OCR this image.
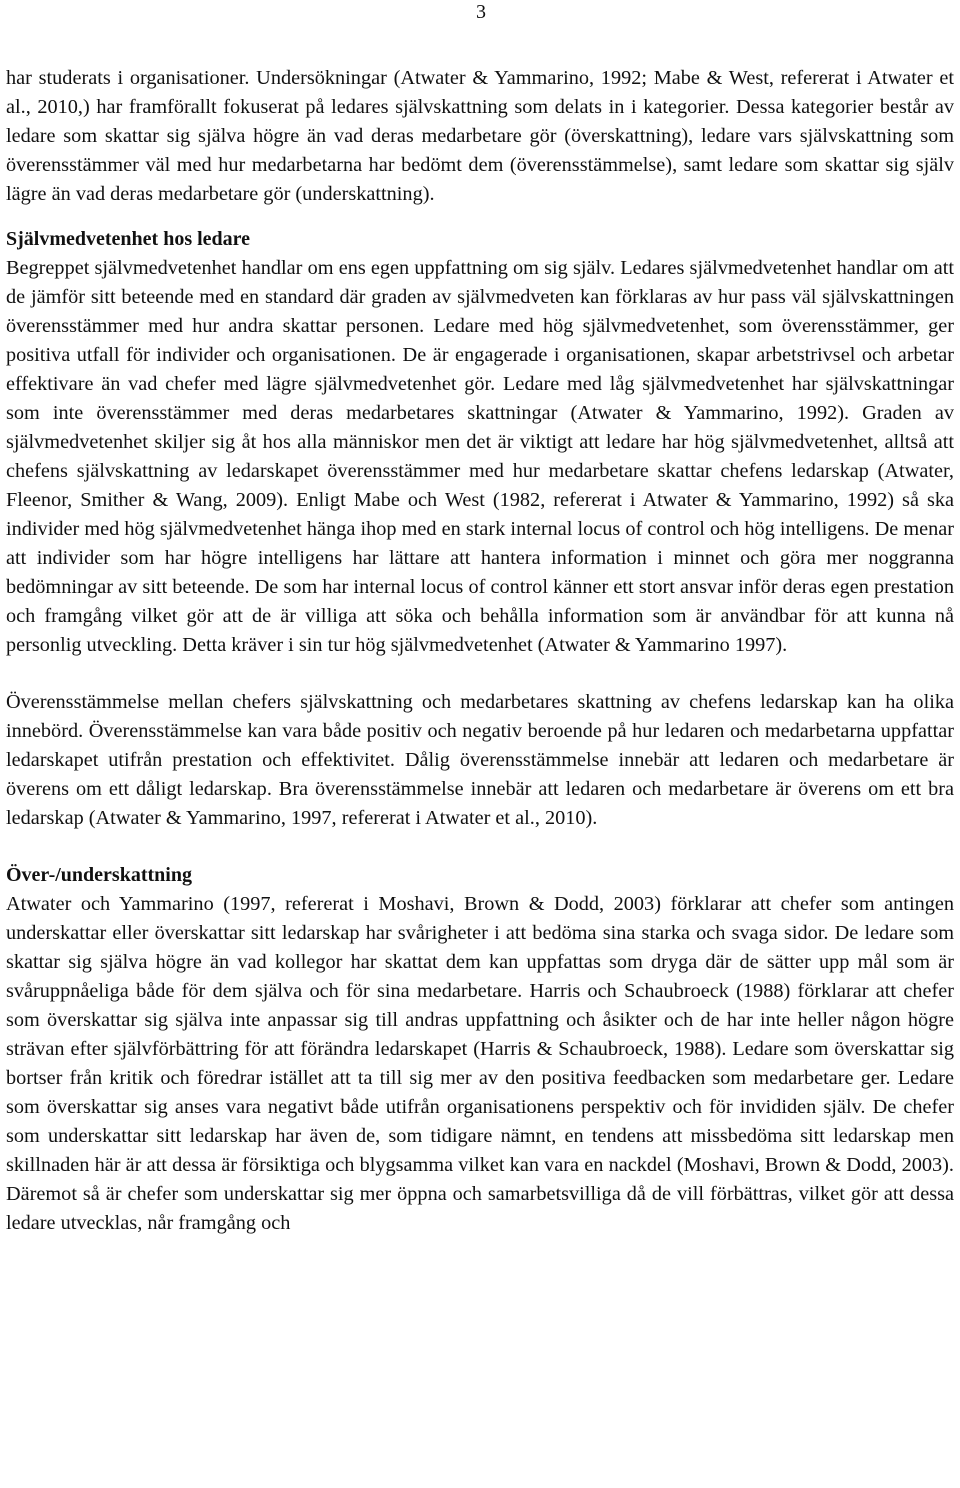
3

har studerats i organisationer. Undersökningar (Atwater & Yammarino, 1992; Mabe & West, refererat i Atwater et al., 2010,) har framförallt fokuserat på ledares självskattning som delats in i kategorier. Dessa kategorier består av ledare som skattar sig själva högre än vad deras medarbetare gör (överskattning), ledare vars självskattning som överensstämmer väl med hur medarbetarna har bedömt dem (överensstämmelse), samt ledare som skattar sig själv lägre än vad deras medarbetare gör (underskattning).

Självmedvetenhet hos ledare

Begreppet självmedvetenhet handlar om ens egen uppfattning om sig själv. Ledares självmedvetenhet handlar om att de jämför sitt beteende med en standard där graden av självmedveten kan förklaras av hur pass väl självskattningen överensstämmer med hur andra skattar personen. Ledare med hög självmedvetenhet, som överensstämmer, ger positiva utfall för individer och organisationen. De är engagerade i organisationen, skapar arbetstrivsel och arbetar effektivare än vad chefer med lägre självmedvetenhet gör. Ledare med låg självmedvetenhet har självskattningar som inte överensstämmer med deras medarbetares skattningar (Atwater & Yammarino, 1992). Graden av självmedvetenhet skiljer sig åt hos alla människor men det är viktigt att ledare har hög självmedvetenhet, alltså att chefens självskattning av ledarskapet överensstämmer med hur medarbetare skattar chefens ledarskap (Atwater, Fleenor, Smither & Wang, 2009). Enligt Mabe och West (1982, refererat i Atwater & Yammarino, 1992) så ska individer med hög självmedvetenhet hänga ihop med en stark internal locus of control och hög intelligens. De menar att individer som har högre intelligens har lättare att hantera information i minnet och göra mer noggranna bedömningar av sitt beteende. De som har internal locus of control känner ett stort ansvar inför deras egen prestation och framgång vilket gör att de är villiga att söka och behålla information som är användbar för att kunna nå personlig utveckling. Detta kräver i sin tur hög självmedvetenhet (Atwater & Yammarino 1997).

Överensstämmelse mellan chefers självskattning och medarbetares skattning av chefens ledarskap kan ha olika innebörd. Överensstämmelse kan vara både positiv och negativ beroende på hur ledaren och medarbetarna uppfattar ledarskapet utifrån prestation och effektivitet. Dålig överensstämmelse innebär att ledaren och medarbetare är överens om ett dåligt ledarskap. Bra överensstämmelse innebär att ledaren och medarbetare är överens om ett bra ledarskap (Atwater & Yammarino, 1997, refererat i Atwater et al., 2010).

Över-/underskattning

Atwater och Yammarino (1997, refererat i Moshavi, Brown & Dodd, 2003) förklarar att chefer som antingen underskattar eller överskattar sitt ledarskap har svårigheter i att bedöma sina starka och svaga sidor. De ledare som skattar sig själva högre än vad kollegor har skattat dem kan uppfattas som dryga där de sätter upp mål som är svåruppnåeliga både för dem själva och för sina medarbetare. Harris och Schaubroeck (1988) förklarar att chefer som överskattar sig själva inte anpassar sig till andras uppfattning och åsikter och de har inte heller någon högre strävan efter självförbättring för att förändra ledarskapet (Harris & Schaubroeck, 1988). Ledare som överskattar sig bortser från kritik och föredrar istället att ta till sig mer av den positiva feedbacken som medarbetare ger. Ledare som överskattar sig anses vara negativt både utifrån organisationens perspektiv och för invididen själv. De chefer som underskattar sitt ledarskap har även de, som tidigare nämnt, en tendens att missbedöma sitt ledarskap men skillnaden här är att dessa är försiktiga och blygsamma vilket kan vara en nackdel (Moshavi, Brown & Dodd, 2003). Däremot så är chefer som underskattar sig mer öppna och samarbetsvilliga då de vill förbättras, vilket gör att dessa ledare utvecklas, når framgång och
